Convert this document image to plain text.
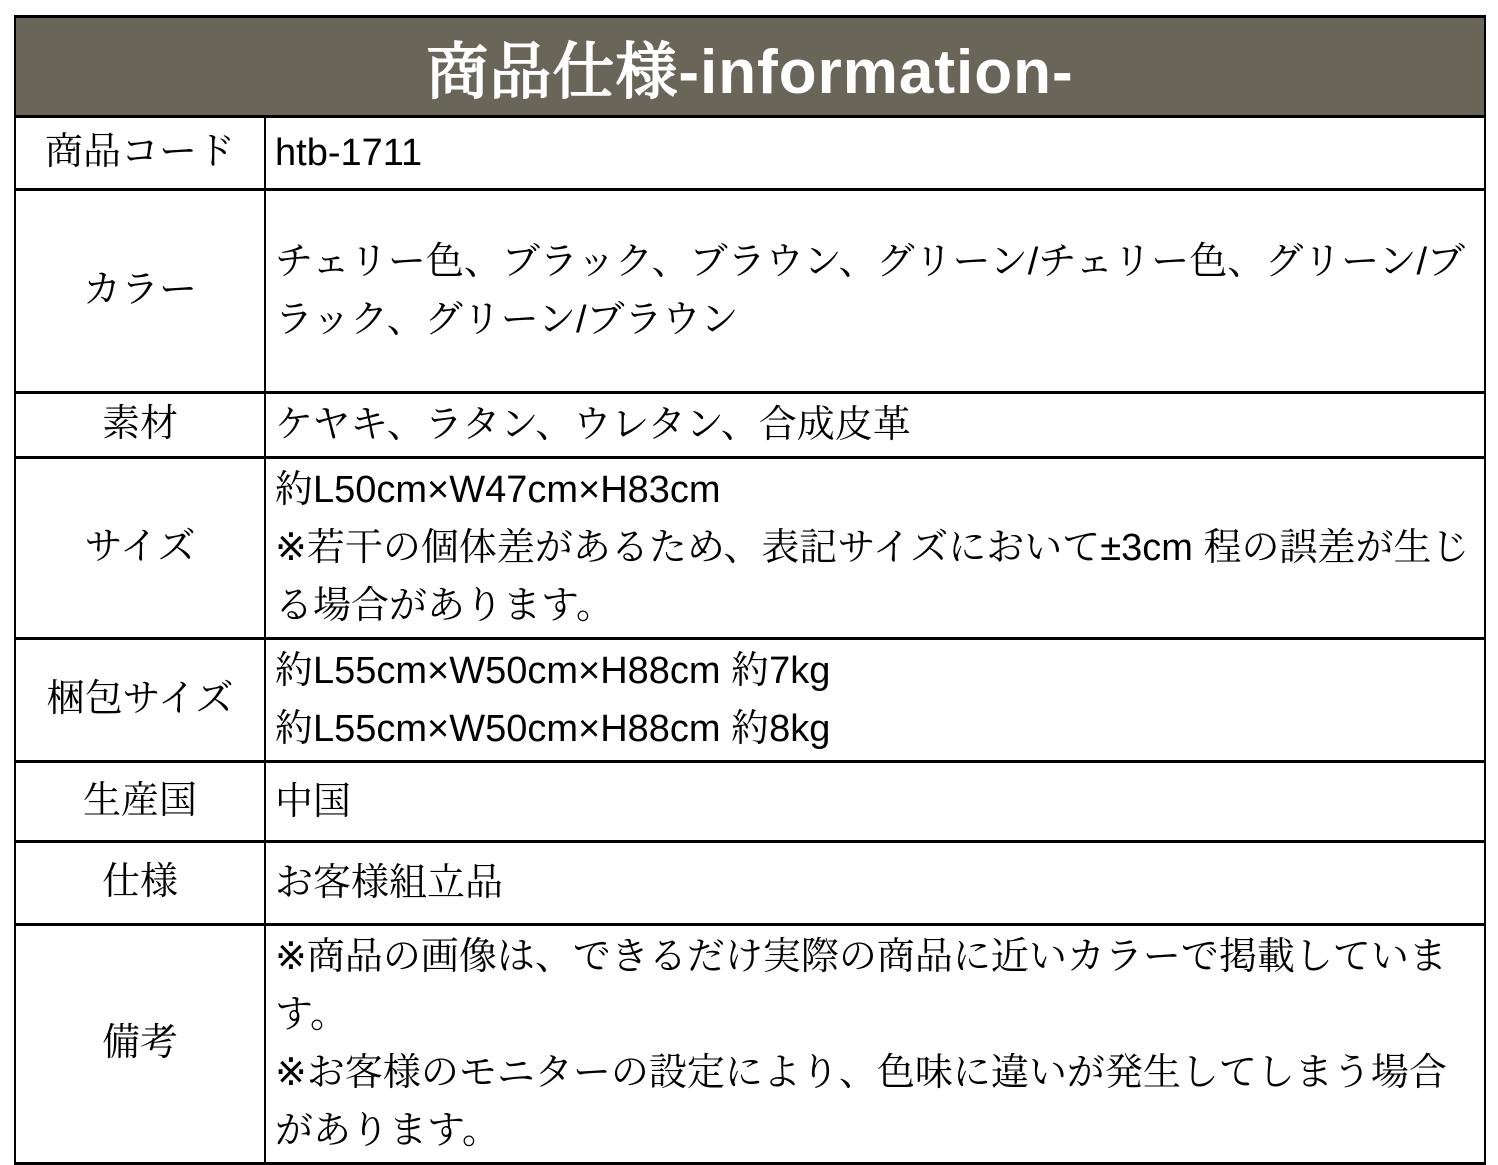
商品仕様-information-	
商品コード	htb-1711

カラー	チェリー色、ブラック、ブラウン、グリーン/チェリー色、グリーン/ブラック、グリーン/ブラウン

素材	ケヤキ、ラタン、ウレタン、合成皮革

サイズ	約L50cm×W47cm×H83cm
※若干の個体差があるため、表記サイズにおいて±3cm 程の誤差が生じる場合があります。

梱包サイズ	約L55cm×W50cm×H88cm 約7kg
約L55cm×W50cm×H88cm 約8kg

生産国	中国

仕様	お客様組立品

備考	※商品の画像は、できるだけ実際の商品に近いカラーで掲載しています。
※お客様のモニターの設定により、色味に違いが発生してしまう場合があります。
